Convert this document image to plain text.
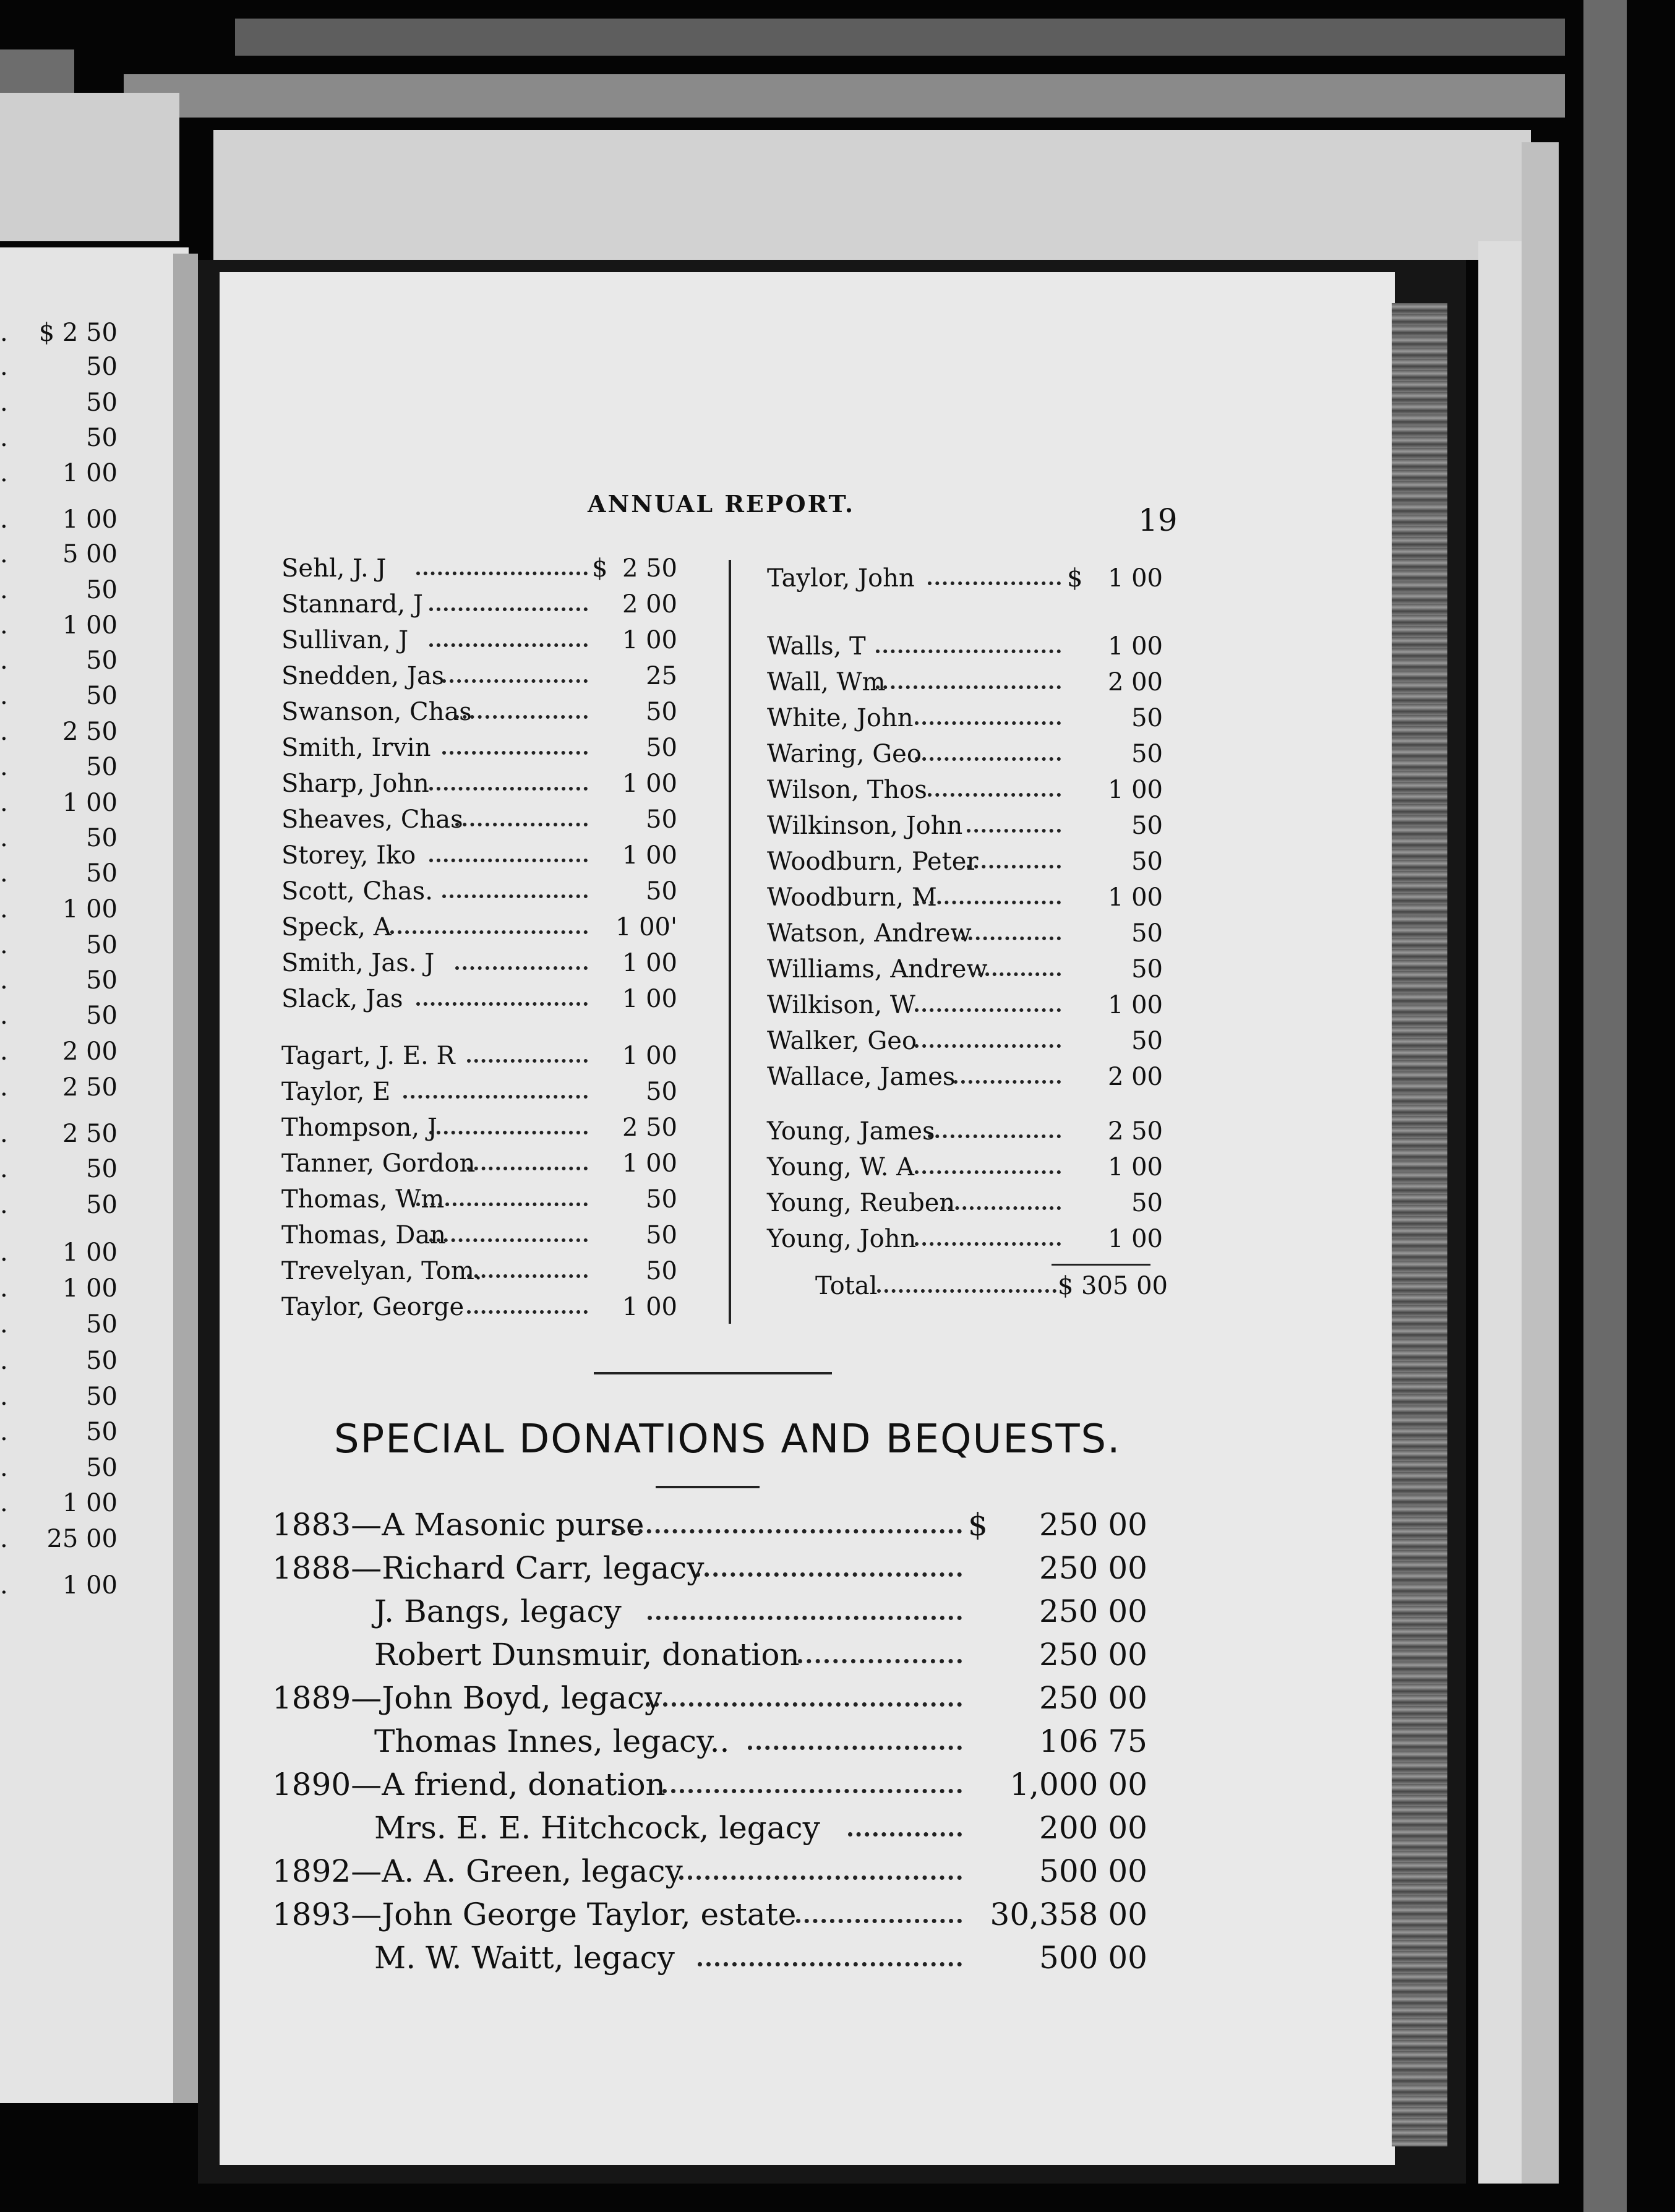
. $ 2 50
.	50
.	50
.	50
. 1 00
. 1 00
. 5 00
.	50
. 1 00
.	50
.	50
. 2 50
.	50
. 1 00
.	50
.	50
. 1 00
.	50
.	50
.	50
. 2 00
. 2 50
. 2 50
.	50
.	50
. 1 00
. 1 00
.	50
.	50
.	50
.	50
.	50
. 1 00
. 25 00
. 1 00
ANNUAL REPORT.	19
Sehl, J. J	$ 2 50
Stannard, J	2 00
Sullivan, J	1 00
Snedden, Jas	25
Swanson, Chas	50
Smith, Irvin	50
Sharp, John	1 00
Sheaves, Chas	50
Storey, Iko	1 00
Scott, Chas.	50
Speck, A	1 00'
Smith, Jas. J	1 00
Slack, Jas	1 00
Tagart, J. E. R	1 00
Taylor, E	50
Thompson, J	2 50
Tanner, Gordon	1 00
Thomas, Wm	50
Thomas, Dan	50
Trevelyan, Tom.	50
Taylor, George	1 00
Taylor, John	$ 1 00
Walls, T	1 00
Wall, Wm	2 00
White, John	50
Waring, Geo	50
Wilson, Thos	1 00
Wilkinson, John	50
Woodburn, Peter	50
Woodburn, M	1 00
Watson, Andrew	50
Williams, Andrew	50
Wilkison, W	1 00
Walker, Geo	50
Wallace, James	2 00
Young, James	2 50
Young, W. A	1 00
Young, Reuben	50
Young, John	1 00
Total	$ 305 00
SPECIAL DONATIONS AND BEQUESTS.
1883—A Masonic purse	$ 250 00
1888—Richard Carr, legacy	250 00
J. Bangs, legacy	250 00
Robert Dunsmuir, donation	250 00
1889—John Boyd, legacy	250 00
Thomas Innes, legacy..	106 75
1890—A friend, donation	1,000 00
Mrs. E. E. Hitchcock, legacy	200 00
1892—A. A. Green, legacy	500 00
1893—John George Taylor, estate	30,358 00
M. W. Waitt, legacy	500 00
